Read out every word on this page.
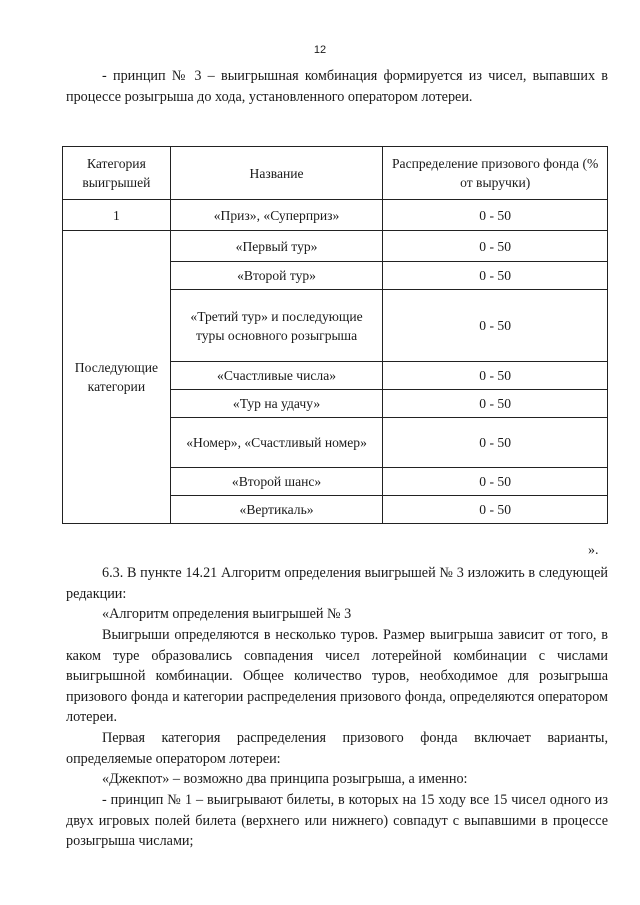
12

- принцип № 3 – выигрышная комбинация формируется из чисел, выпавших в процессе розыгрыша до хода, установленного оператором лотереи.

Категория выигрышей	Название	Распределение призового фонда (% от выручки)
1	«Приз», «Суперприз»	0 - 50
Последующие категории	«Первый тур»	0 - 50
	«Второй тур»	0 - 50
	«Третий тур» и последующие туры основного розыгрыша	0 - 50
	«Счастливые числа»	0 - 50
	«Тур на удачу»	0 - 50
	«Номер», «Счастливый номер»	0 - 50
	«Второй шанс»	0 - 50
	«Вертикаль»	0 - 50
».

6.3. В пункте 14.21 Алгоритм определения выигрышей № 3 изложить в следующей редакции:

«Алгоритм определения выигрышей № 3

Выигрыши определяются в несколько туров. Размер выигрыша зависит от того, в каком туре образовались совпадения чисел лотерейной комбинации с числами выигрышной комбинации. Общее количество туров, необходимое для розыгрыша призового фонда и категории распределения призового фонда, определяются оператором лотереи.

Первая категория распределения призового фонда включает варианты, определяемые оператором лотереи:

«Джекпот» – возможно два принципа розыгрыша, а именно:

- принцип № 1 – выигрывают билеты, в которых на 15 ходу все 15 чисел одного из двух игровых полей билета (верхнего или нижнего) совпадут с выпавшими в процессе розыгрыша числами;
